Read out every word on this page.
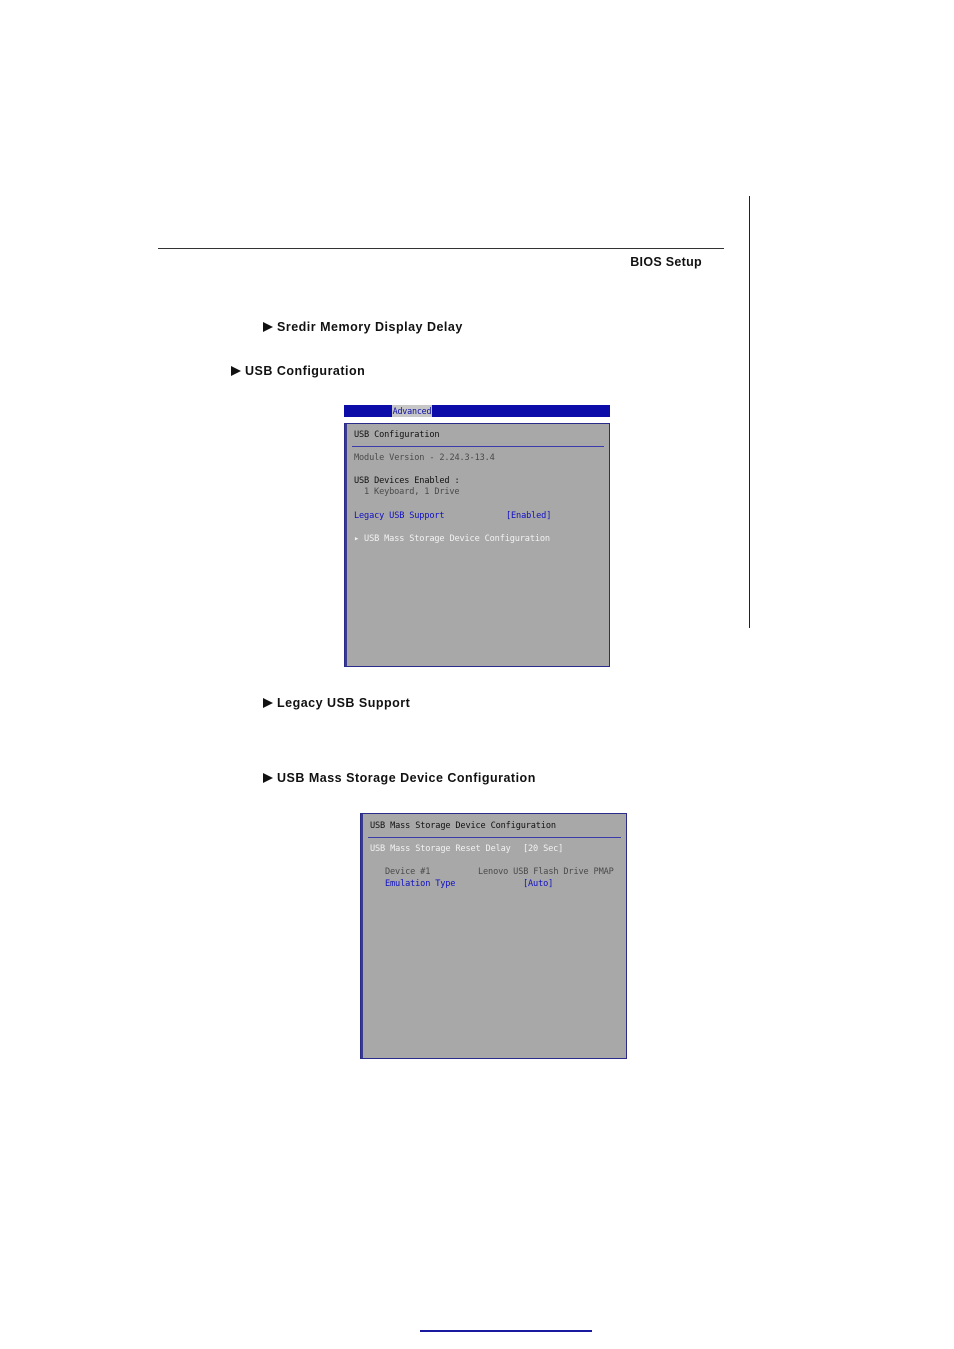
BIOS Setup
Sredir Memory Display Delay
USB Configuration
Advanced
USB Configuration
Module Version - 2.24.3-13.4
USB Devices Enabled :
1 Keyboard, 1 Drive
Legacy USB Support	[Enabled]
▸ USB Mass Storage Device Configuration
Legacy USB Support
USB Mass Storage Device Configuration
USB Mass Storage Device Configuration
USB Mass Storage Reset Delay [20 Sec]
Device #1	Lenovo USB Flash Drive PMAP
Emulation Type	[Auto]
